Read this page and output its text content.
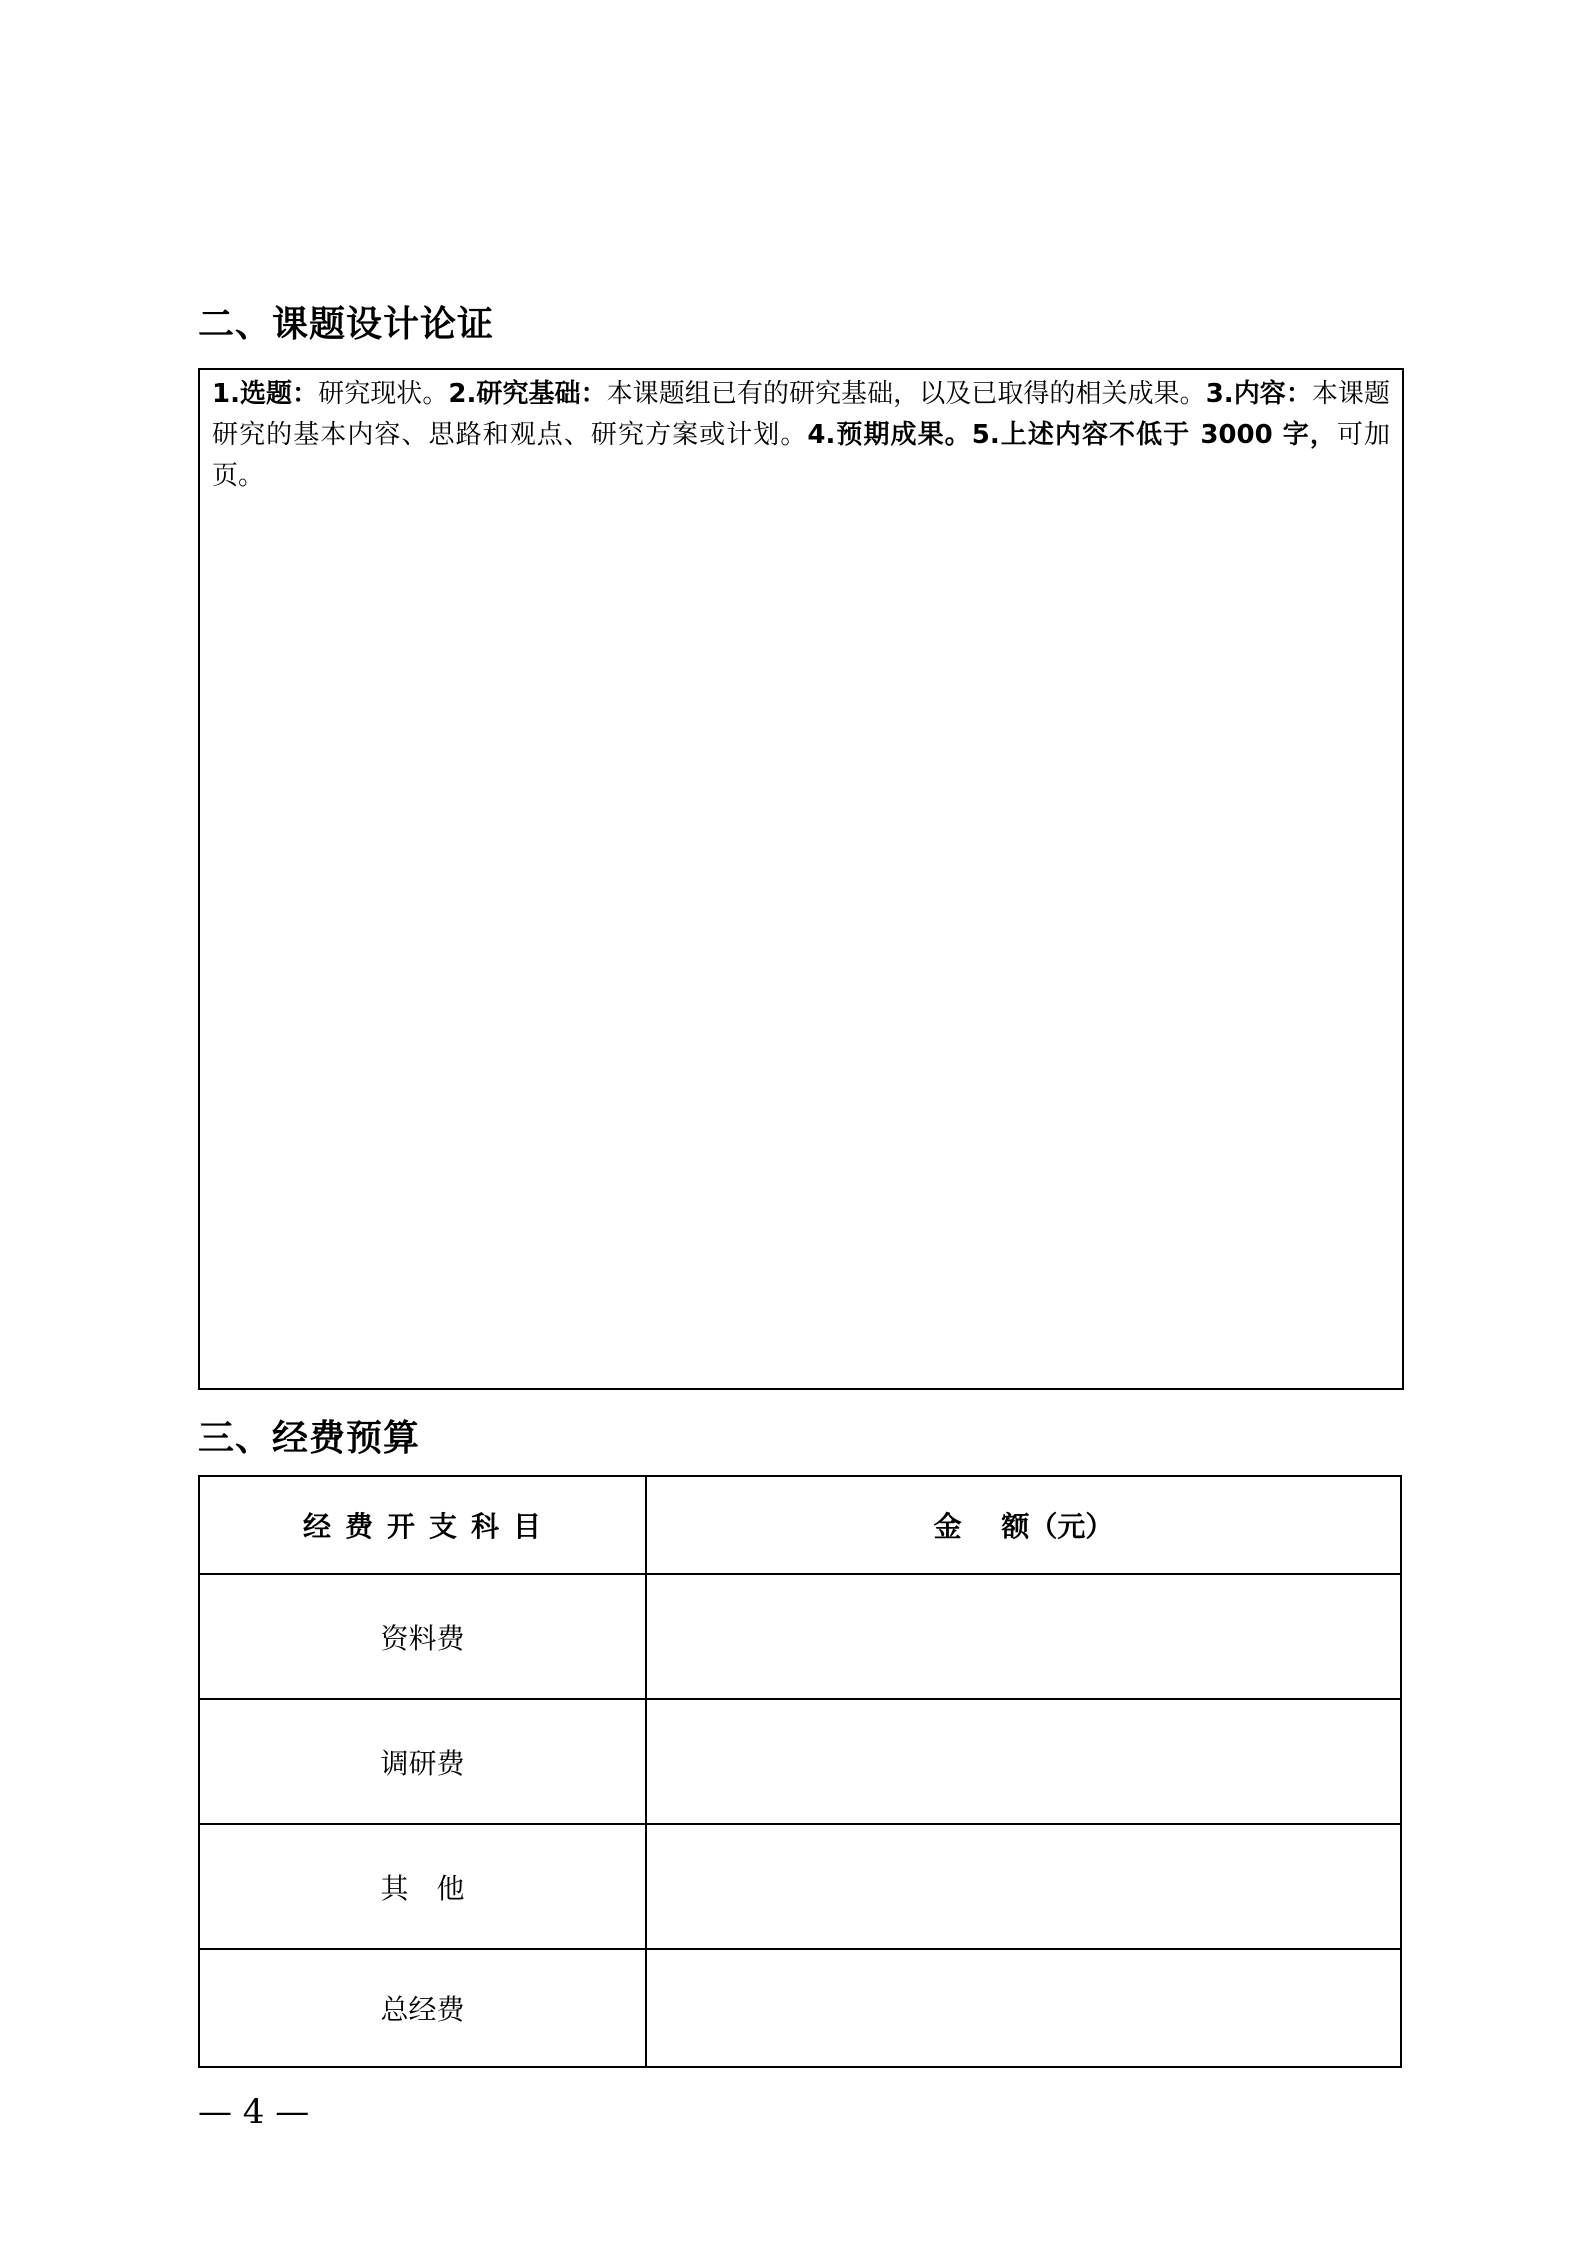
二、课题设计论证
1.选题：研究现状。2.研究基础：本课题组已有的研究基础，以及已取得的相关成果。3.内容：本课题研究的基本内容、思路和观点、研究方案或计划。4.预期成果。5.上述内容不低于 3000 字，可加页。
三、经费预算
经费开支科目	金 额（元）
资料费	
调研费	
其　他	
总经费	
— 4 —
